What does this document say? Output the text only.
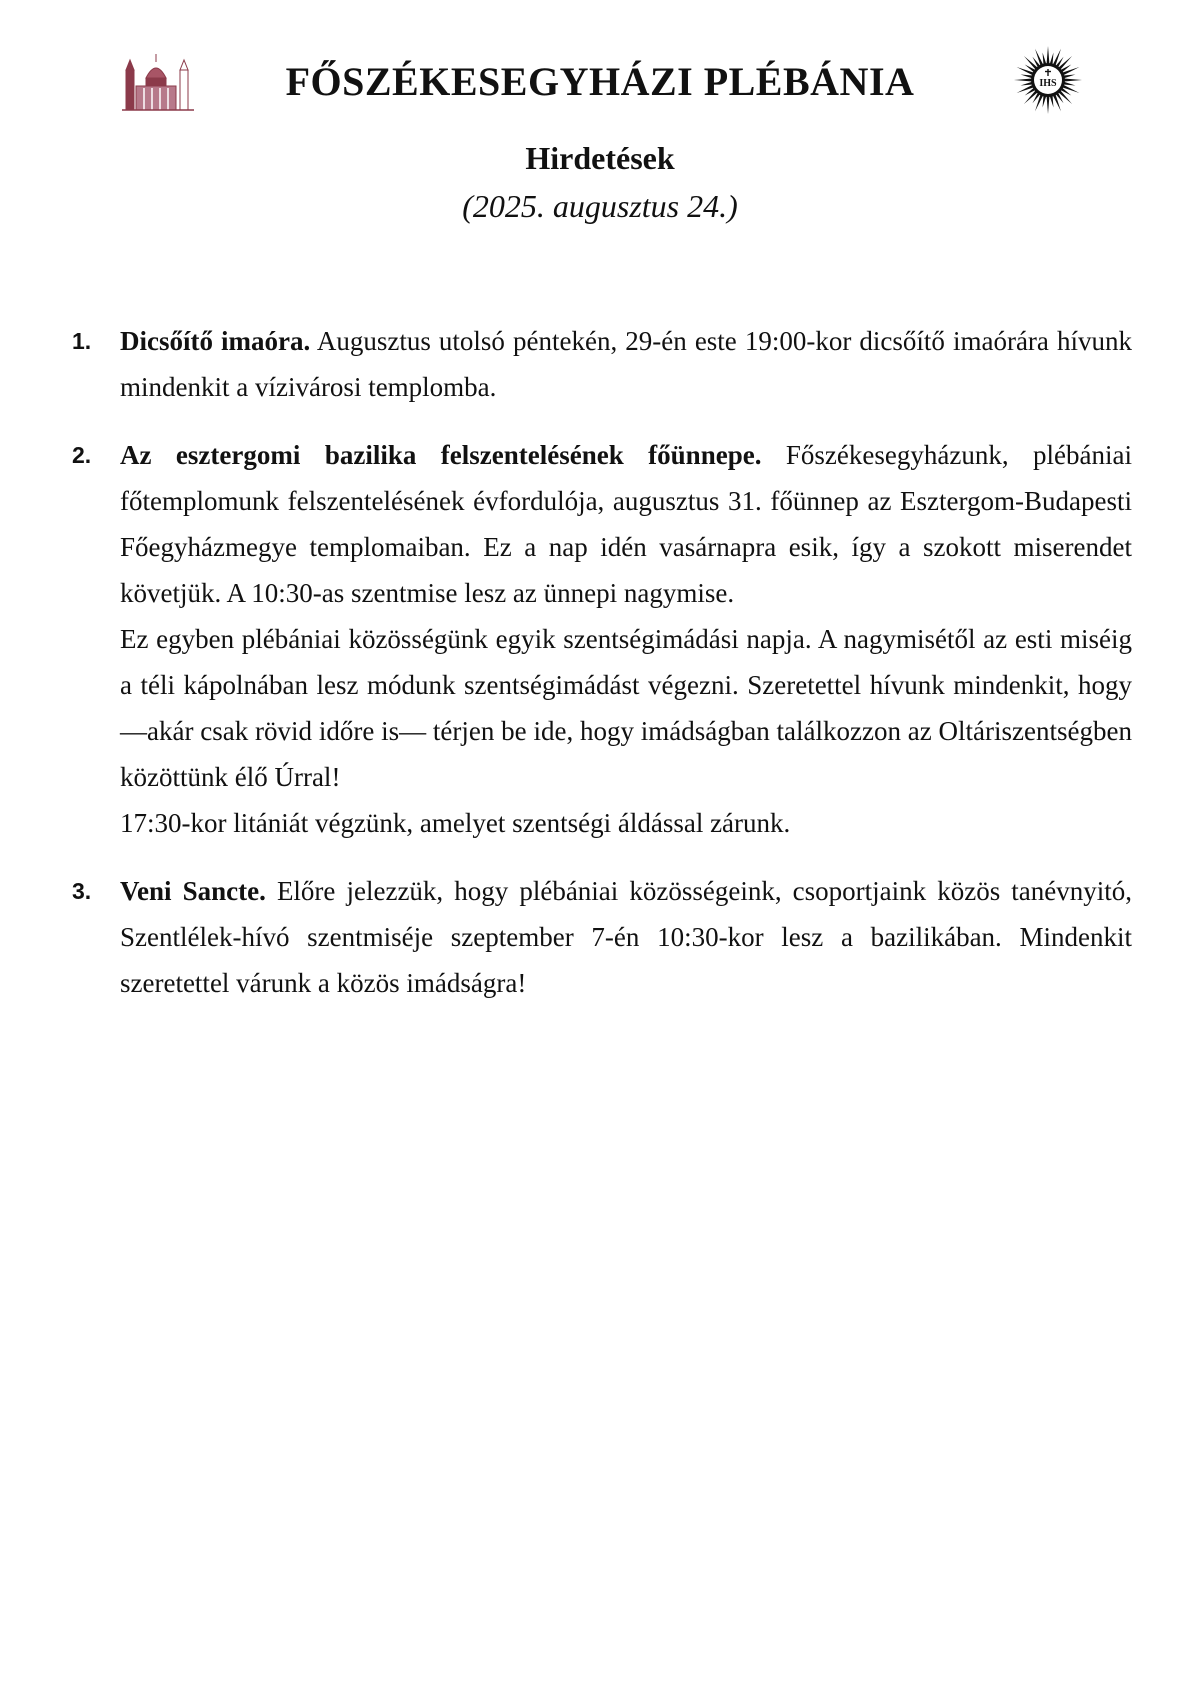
FŐSZÉKESEGYHÁZI PLÉBÁNIA	IHS
Hirdetések
(2025. augusztus 24.)
1. Dicsőítő imaóra. Augusztus utolsó péntekén, 29-én este 19:00-kor dicsőítő imaórára hívunk mindenkit a vízivárosi templomba.

2. Az esztergomi bazilika felszentelésének főünnepe. Főszékesegyházunk, plébániai főtemplomunk felszentelésének évfordulója, augusztus 31. főünnep az Esztergom-Budapesti Főegyházmegye templomaiban. Ez a nap idén vasárnapra esik, így a szokott miserendet követjük. A 10:30-as szentmise lesz az ünnepi nagymise.

Ez egyben plébániai közösségünk egyik szentségimádási napja. A nagymisétől az esti miséig a téli kápolnában lesz módunk szentségimádást végezni. Szeretettel hívunk mindenkit, hogy —akár csak rövid időre is— térjen be ide, hogy imádságban találkozzon az Oltáriszentségben közöttünk élő Úrral!

17:30-kor litániát végzünk, amelyet szentségi áldással zárunk.

3. Veni Sancte. Előre jelezzük, hogy plébániai közösségeink, csoportjaink közös tanévnyitó, Szentlélek-hívó szentmiséje szeptember 7-én 10:30-kor lesz a bazilikában. Mindenkit szeretettel várunk a közös imádságra!
